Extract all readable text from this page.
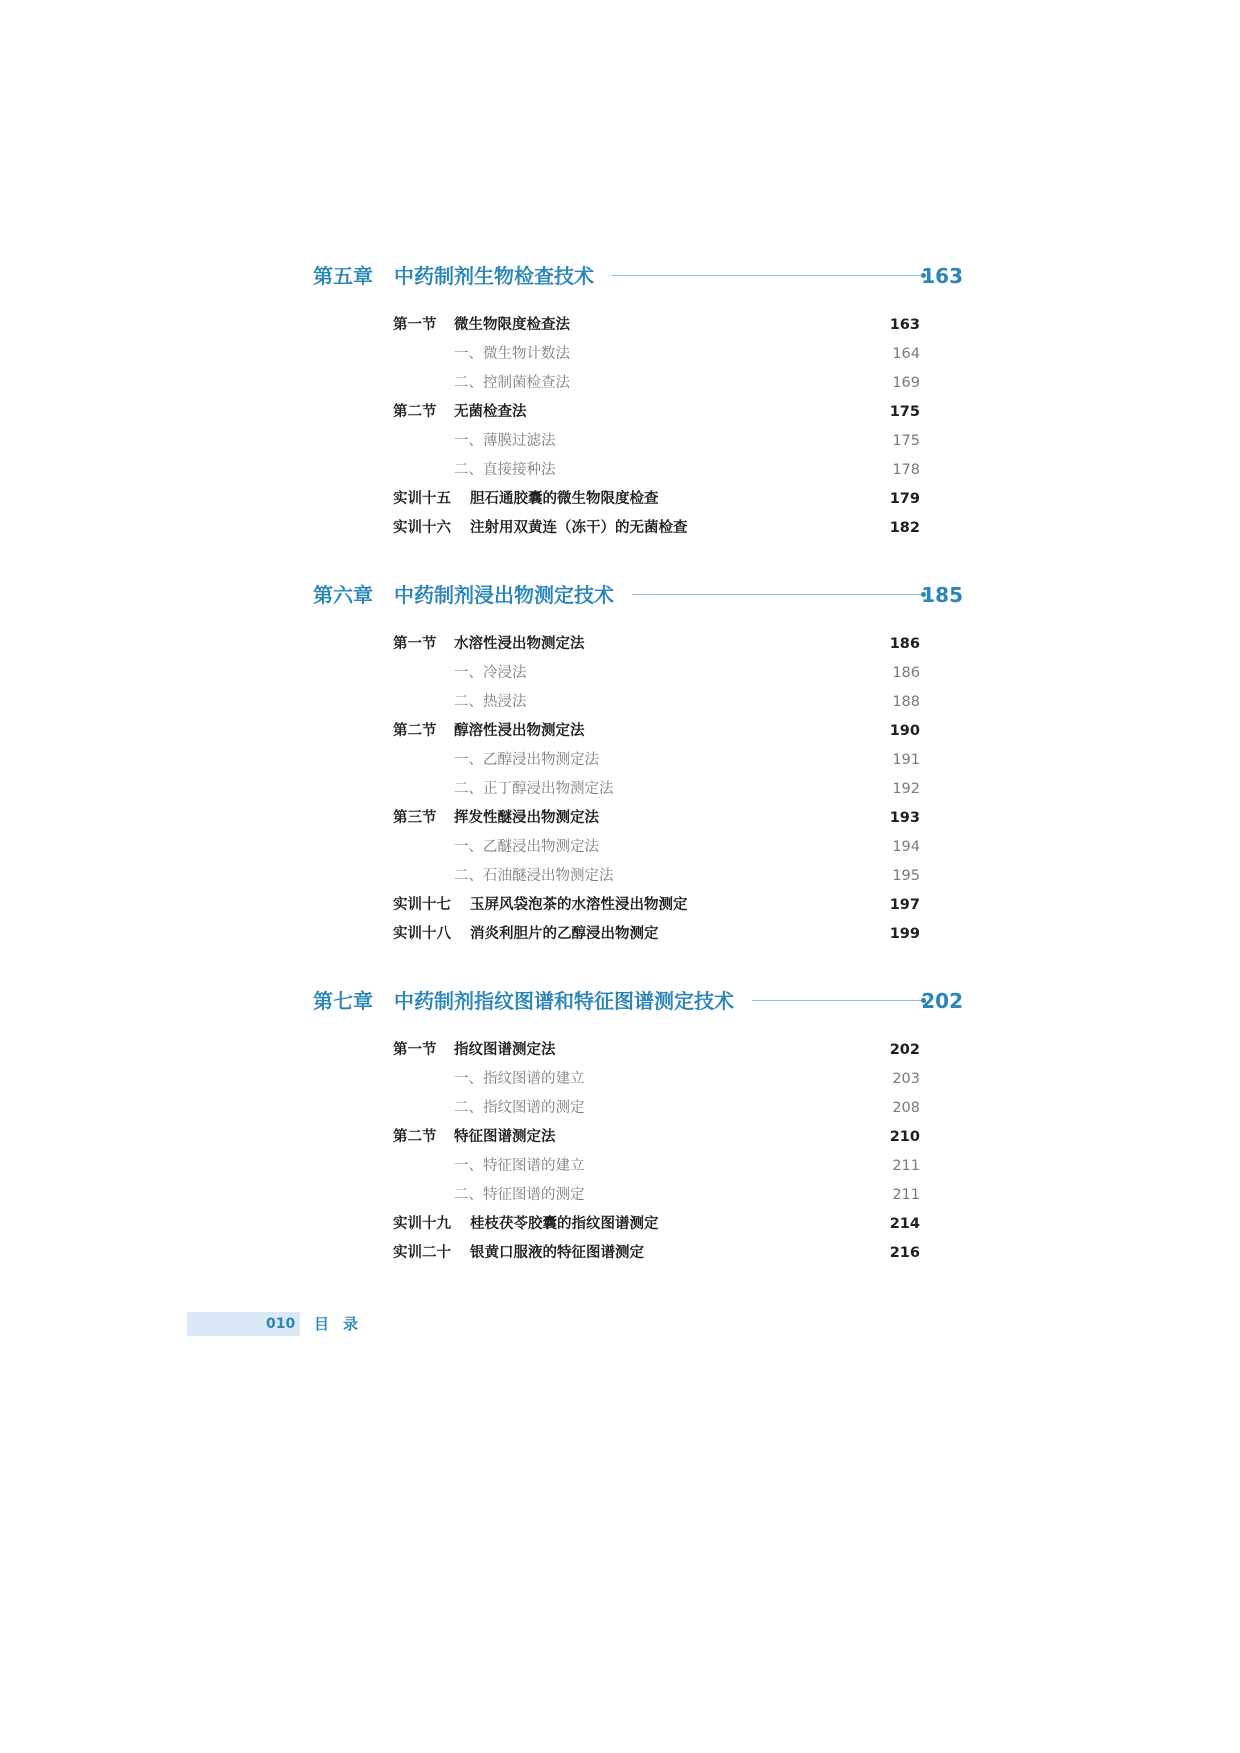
第五章 中药制剂生物检查技术	163
第一节 微生物限度检查法	163
一、微生物计数法	164
二、控制菌检查法	169
第二节 无菌检查法	175
一、薄膜过滤法	175
二、直接接种法	178
实训十五 胆石通胶囊的微生物限度检查	179
实训十六 注射用双黄连（冻干）的无菌检查	182
第六章 中药制剂浸出物测定技术	185
第一节 水溶性浸出物测定法	186
一、冷浸法	186
二、热浸法	188
第二节 醇溶性浸出物测定法	190
一、乙醇浸出物测定法	191
二、正丁醇浸出物测定法	192
第三节 挥发性醚浸出物测定法	193
一、乙醚浸出物测定法	194
二、石油醚浸出物测定法	195
实训十七 玉屏风袋泡茶的水溶性浸出物测定	197
实训十八 消炎利胆片的乙醇浸出物测定	199
第七章 中药制剂指纹图谱和特征图谱测定技术	202
第一节 指纹图谱测定法	202
一、指纹图谱的建立	203
二、指纹图谱的测定	208
第二节 特征图谱测定法	210
一、特征图谱的建立	211
二、特征图谱的测定	211
实训十九 桂枝茯苓胶囊的指纹图谱测定	214
实训二十 银黄口服液的特征图谱测定	216
010 目录
